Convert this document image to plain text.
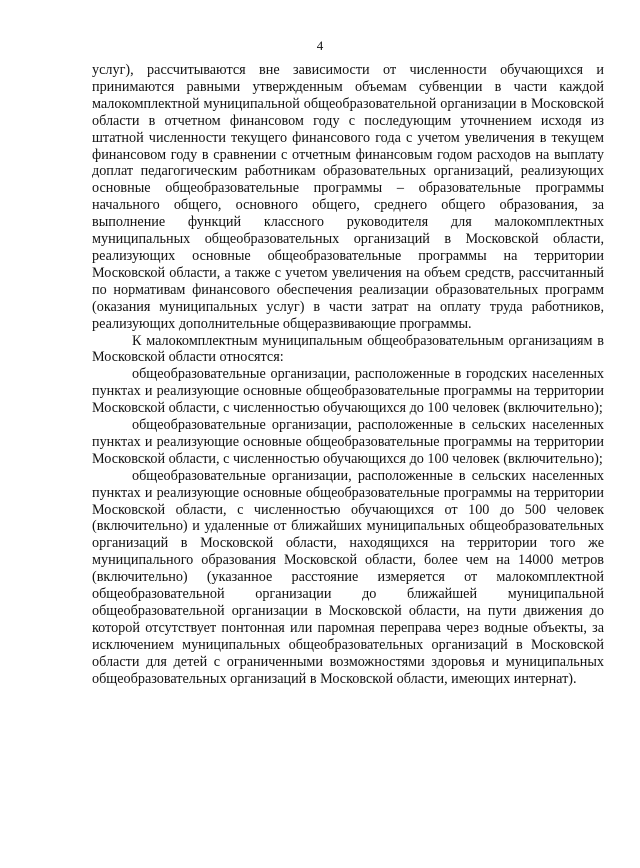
4

услуг), рассчитываются вне зависимости от численности обучающихся и принимаются равными утвержденным объемам субвенции в части каждой малокомплектной муниципальной общеобразовательной организации в Московской области в отчетном финансовом году с последующим уточнением исходя из штатной численности текущего финансового года с учетом увеличения в текущем финансовом году в сравнении с отчетным финансовым годом расходов на выплату доплат педагогическим работникам образовательных организаций, реализующих основные общеобразовательные программы – образовательные программы начального общего, основного общего, среднего общего образования, за выполнение функций классного руководителя для малокомплектных муниципальных общеобразовательных организаций в Московской области, реализующих основные общеобразовательные программы на территории Московской области, а также с учетом увеличения на объем средств, рассчитанный по нормативам финансового обеспечения реализации образовательных программ (оказания муниципальных услуг) в части затрат на оплату труда работников, реализующих дополнительные общеразвивающие программы.

К малокомплектным муниципальным общеобразовательным организациям в Московской области относятся:

общеобразовательные организации, расположенные в городских населенных пунктах и реализующие основные общеобразовательные программы на территории Московской области, с численностью обучающихся до 100 человек (включительно);

общеобразовательные организации, расположенные в сельских населенных пунктах и реализующие основные общеобразовательные программы на территории Московской области, с численностью обучающихся до 100 человек (включительно);

общеобразовательные организации, расположенные в сельских населенных пунктах и реализующие основные общеобразовательные программы на территории Московской области, с численностью обучающихся от 100 до 500 человек (включительно) и удаленные от ближайших муниципальных общеобразовательных организаций в Московской области, находящихся на территории того же муниципального образования Московской области, более чем на 14000 метров (включительно) (указанное расстояние измеряется от малокомплектной общеобразовательной организации до ближайшей муниципальной общеобразовательной организации в Московской области, на пути движения до которой отсутствует понтонная или паромная переправа через водные объекты, за исключением муниципальных общеобразовательных организаций в Московской области для детей с ограниченными возможностями здоровья и муниципальных общеобразовательных организаций в Московской области, имеющих интернат).
